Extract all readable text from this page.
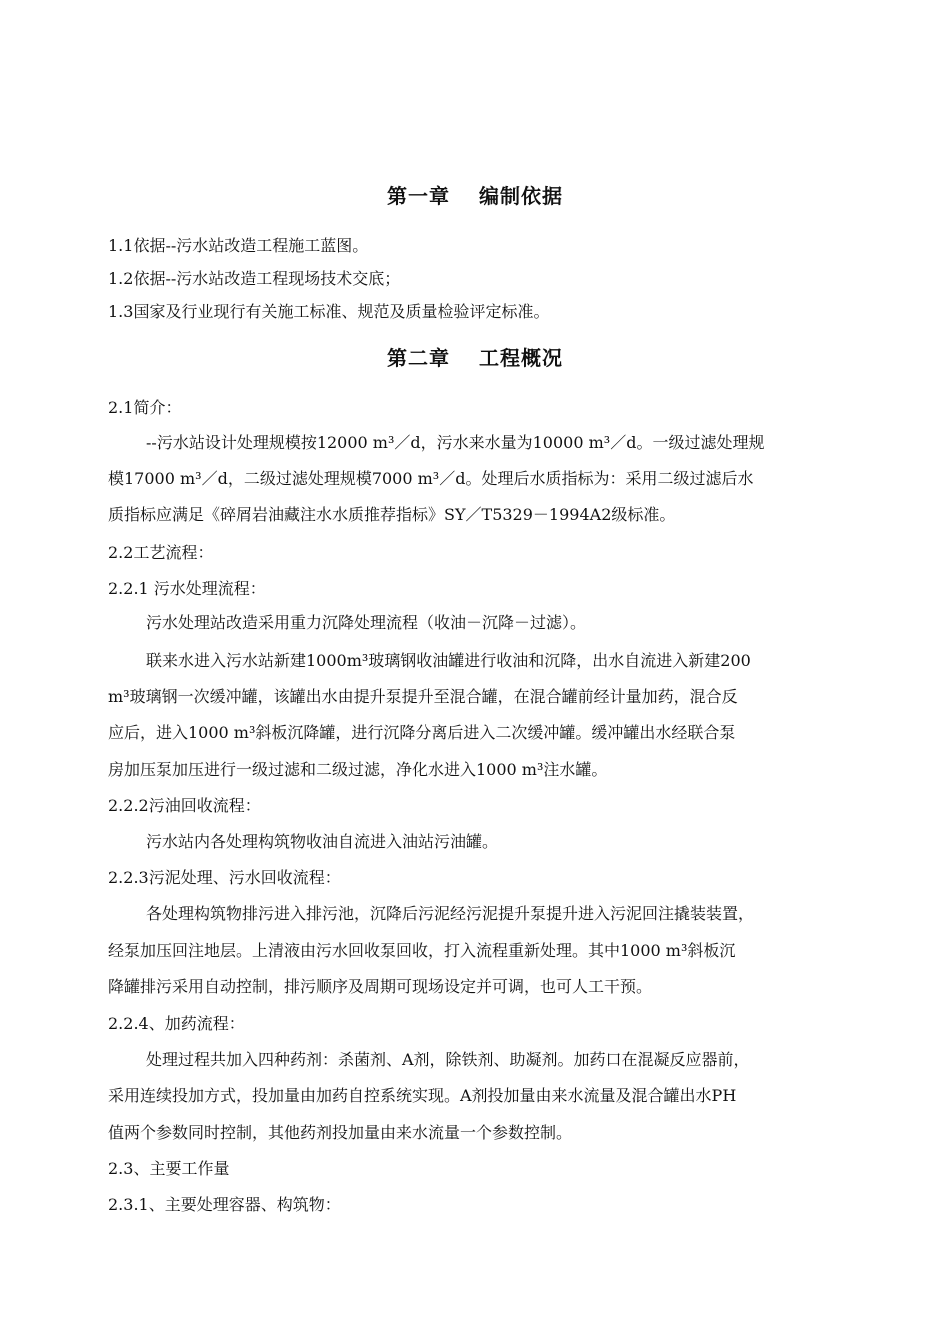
第一章　 编制依据

1.1依据--污水站改造工程施工蓝图。

1.2依据--污水站改造工程现场技术交底；

1.3国家及行业现行有关施工标准、规范及质量检验评定标准。

第二章　 工程概况

2.1简介：

--污水站设计处理规模按12000 m³／d，污水来水量为10000 m³／d。一级过滤处理规

模17000 m³／d，二级过滤处理规模7000 m³／d。处理后水质指标为：采用二级过滤后水

质指标应满足《碎屑岩油藏注水水质推荐指标》SY／T5329－1994A2级标准。

2.2工艺流程：

2.2.1 污水处理流程：

污水处理站改造采用重力沉降处理流程（收油－沉降－过滤）。

联来水进入污水站新建1000m³玻璃钢收油罐进行收油和沉降，出水自流进入新建200

m³玻璃钢一次缓冲罐，该罐出水由提升泵提升至混合罐，在混合罐前经计量加药，混合反

应后，进入1000 m³斜板沉降罐，进行沉降分离后进入二次缓冲罐。缓冲罐出水经联合泵

房加压泵加压进行一级过滤和二级过滤，净化水进入1000 m³注水罐。

2.2.2污油回收流程：

污水站内各处理构筑物收油自流进入油站污油罐。

2.2.3污泥处理、污水回收流程：

各处理构筑物排污进入排污池，沉降后污泥经污泥提升泵提升进入污泥回注撬装装置，

经泵加压回注地层。上清液由污水回收泵回收，打入流程重新处理。其中1000 m³斜板沉

降罐排污采用自动控制，排污顺序及周期可现场设定并可调，也可人工干预。

2.2.4、加药流程：

处理过程共加入四种药剂：杀菌剂、A剂，除铁剂、助凝剂。加药口在混凝反应器前，

采用连续投加方式，投加量由加药自控系统实现。A剂投加量由来水流量及混合罐出水PH

值两个参数同时控制，其他药剂投加量由来水流量一个参数控制。

2.3、主要工作量

2.3.1、主要处理容器、构筑物：
